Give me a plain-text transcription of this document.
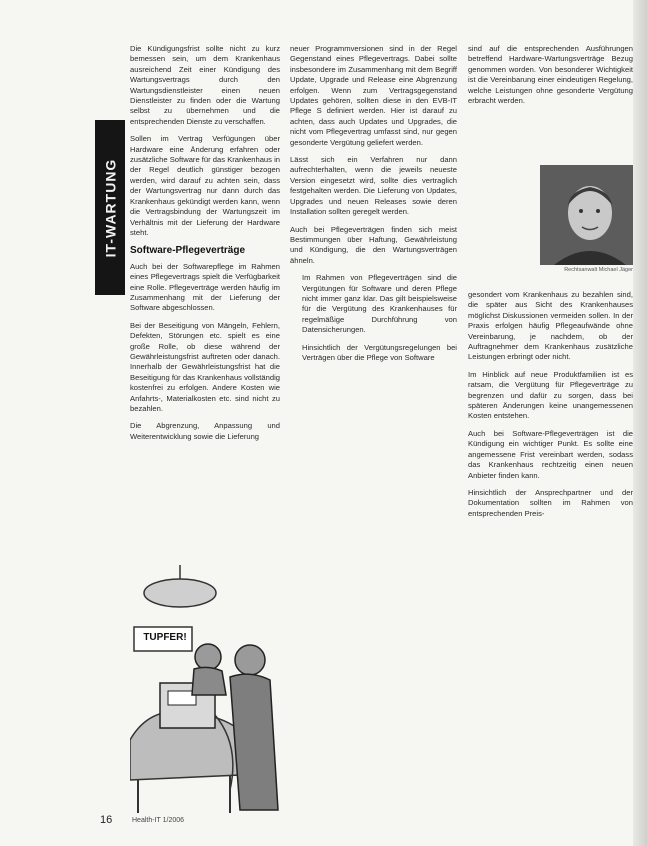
IT-WARTUNG

Die Kündigungsfrist sollte nicht zu kurz bemessen sein, um dem Krankenhaus ausreichend Zeit einer Kündigung des Wartungsvertrags durch den Wartungsdienstleister einen neuen Dienstleister zu finden oder die Wartung selbst zu übernehmen und die entsprechenden Dienste zu verschaffen.

Sollen im Vertrag Verfügungen über Hardware eine Änderung erfahren oder zusätzliche Software für das Krankenhaus in der Regel deutlich günstiger bezogen werden, wird darauf zu achten sein, dass der Wartungsvertrag nur dann durch das Krankenhaus gekündigt werden kann, wenn die Vertragsbindung der Wartungszeit im Verhältnis mit der Lieferung der Hardware steht.

Software-Pflegeverträge

Auch bei der Softwarepflege im Rahmen eines Pflegevertrags spielt die Verfügbarkeit eine Rolle. Pflegeverträge werden häufig im Zusammenhang mit der Lieferung der Software abgeschlossen.

Bei der Beseitigung von Mängeln, Fehlern, Defekten, Störungen etc. spielt es eine große Rolle, ob diese während der Gewährleistungsfrist auftreten oder danach. Innerhalb der Gewährleistungsfrist hat die Beseitigung für das Krankenhaus vollständig kostenfrei zu erfolgen. Andere Kosten wie Anfahrts-, Materialkosten etc. sind nicht zu bezahlen.

Die Abgrenzung, Anpassung und Weiterentwicklung sowie die Lieferung

TUPFER!

neuer Programmversionen sind in der Regel Gegenstand eines Pflegevertrags. Dabei sollte insbesondere im Zusammenhang mit dem Begriff Update, Upgrade und Release eine Abgrenzung erfolgen. Wenn zum Vertragsgegenstand Updates gehören, sollten diese in den EVB-IT Pflege S definiert werden. Hier ist darauf zu achten, dass auch Updates und Upgrades, die nicht vom Pflegevertrag umfasst sind, nur gegen gesonderte Vergütung geliefert werden.

Lässt sich ein Verfahren nur dann aufrechterhalten, wenn die jeweils neueste Version eingesetzt wird, sollte dies vertraglich festgehalten werden. Die Lieferung von Updates, Upgrades und neuen Releases sowie deren Installation sollten geregelt werden.

Auch bei Pflegeverträgen finden sich meist Bestimmungen über Haftung, Gewährleistung und Kündigung, die den Wartungsverträgen ähneln.

Im Rahmen von Pflegeverträgen sind die Vergütungen für Software und deren Pflege nicht immer ganz klar. Das gilt beispielsweise für die Vergütung des Krankenhauses für regelmäßige Durchführung von Datensicherungen.

Hinsichtlich der Vergütungsregelungen bei Verträgen über die Pflege von Software

sind auf die entsprechenden Ausführungen betreffend Hardware-Wartungsverträge Bezug genommen worden. Von besonderer Wichtigkeit ist die Vereinbarung einer eindeutigen Regelung, welche Leistungen ohne gesonderte Vergütung erbracht werden.

Rechtsanwalt Michael Jäger

gesondert vom Krankenhaus zu bezahlen sind, die später aus Sicht des Krankenhauses möglichst Diskussionen vermeiden sollen. In der Praxis erfolgen häufig Pflegeaufwände ohne Vereinbarung, je nachdem, ob der Auftragnehmer dem Krankenhaus zusätzliche Leistungen erbringt oder nicht.

Im Hinblick auf neue Produktfamilien ist es ratsam, die Vergütung für Pflegeverträge zu begrenzen und dafür zu sorgen, dass bei späteren Änderungen keine unangemessenen Kosten entstehen.

Auch bei Software-Pflegeverträgen ist die Kündigung ein wichtiger Punkt. Es sollte eine angemessene Frist vereinbart werden, sodass das Krankenhaus rechtzeitig einen neuen Anbieter finden kann.

Hinsichtlich der Ansprechpartner und der Dokumentation sollten im Rahmen von entsprechenden Preis-

16	Health-IT 1/2006
